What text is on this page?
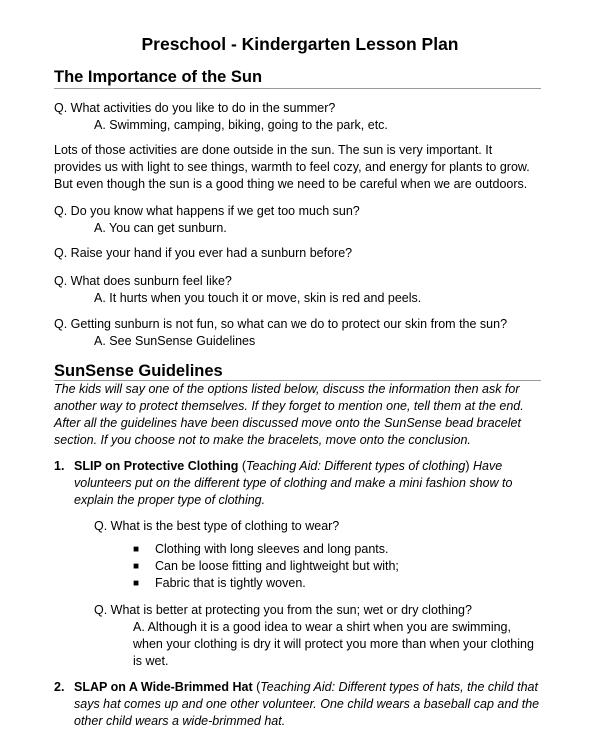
Preschool - Kindergarten Lesson Plan
The Importance of the Sun
Q. What activities do you like to do in the summer?
A. Swimming, camping, biking, going to the park, etc.
Lots of those activities are done outside in the sun. The sun is very important. It
provides us with light to see things, warmth to feel cozy, and energy for plants to grow.
But even though the sun is a good thing we need to be careful when we are outdoors.
Q. Do you know what happens if we get too much sun?
A. You can get sunburn.
Q. Raise your hand if you ever had a sunburn before?
Q. What does sunburn feel like?
A. It hurts when you touch it or move, skin is red and peels.
Q. Getting sunburn is not fun, so what can we do to protect our skin from the sun?
A. See SunSense Guidelines
SunSense Guidelines
The kids will say one of the options listed below, discuss the information then ask for
another way to protect themselves. If they forget to mention one, tell them at the end.
After all the guidelines have been discussed move onto the SunSense bead bracelet
section. If you choose not to make the bracelets, move onto the conclusion.
1. SLIP on Protective Clothing (Teaching Aid: Different types of clothing) Have
volunteers put on the different type of clothing and make a mini fashion show to
explain the proper type of clothing.
Q. What is the best type of clothing to wear?
■ Clothing with long sleeves and long pants.
■ Can be loose fitting and lightweight but with;
■ Fabric that is tightly woven.
Q. What is better at protecting you from the sun; wet or dry clothing?
A. Although it is a good idea to wear a shirt when you are swimming,
when your clothing is dry it will protect you more than when your clothing
is wet.
2. SLAP on A Wide-Brimmed Hat (Teaching Aid: Different types of hats, the child that
says hat comes up and one other volunteer. One child wears a baseball cap and the
other child wears a wide-brimmed hat.
